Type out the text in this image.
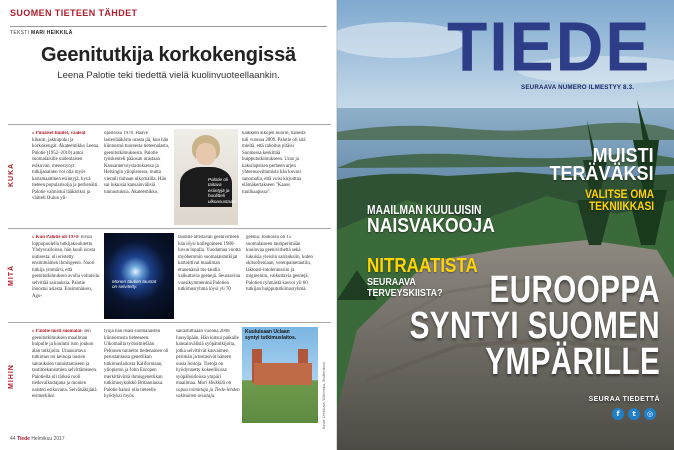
SUOMEN TIETEEN TÄHDET
TEKSTI MARI HEIKKILÄ
Geenitutkija korkokengissä
Leena Palotie teki tiedettä vielä kuolinvuoteellaankin.
KUKA
» Punaiset huulet, vaaleat kiharat, jakkupuku ja korkokengät. Akateemikko Leena Palotie (1952–2010) antoi suomalaisille uudenlaisen esikuvan: menestynyt tutkijanainen voi olla myös karismaattinen esiintyjä, hyvä tieteen popularisoija ja perhenäiti. Palotie valmistui lääkäriksi ja väitteli Oulun yli-
opistossa 1978. Haave lastenlääkärin urasta jäi, kun hän kiinnostui tuoreesta tieteenalasta, geenitutkimuksesta. Palotie työskenteli pääosan urastaan Kansanterveyslaitoksessa ja Helsingin yliopistossa, mutta vieraili tiuhaan ulkomailla. Hän sai lukuisia kansainvälisiä tunnustuksia. Akateemikko,
Palotie oli taitava esiintyjä ja huolitteli ulkoasustaan.
kaikkien aikojen nuorin, hänestä tuli vuonna 2009. Palotie oli sitä mieltä, että rahoitus pitäisi Suomessa keskittää huippututkimukseen. Uran ja kaksilapsisen perheen arjen yhteensovittamista hän kuvasi sanomalla, että voisi kirjoittaa elämäkertakseen "Kaaos tuulikaapissa".
MITÄ
» Kun Palotie oli 1970- luvun loppupuolella tutkijakoulutettu Yhdysvalloissa, hän kuuli isosta uutisesta: oli eristetty ensimmäinen ihmisgeeni. Nuori tutkija ymmärsi, että geenitutkimuksen avulla voitaisiin selvittää sairauksia. Palotie innostui asiasta. Ensimmäisen, Agu-
Monen tautien taustat on selvitetty.
taudille altistavan geenivirheen hän löysi kollegoineen 1980-luvun lopulla. Vuodamaa vuotta myöhemmin suomalaistutkijat kartoittivat maailman etunenässä ms-taudin vaikuttavia geenejä. Seuraavina vuosikymmeninä Palotien tutkimusryhmä löysi yli 70
geeniä. Joukossa oli 15 suomalaiseen tautiperimään kuuluvaa geenivirhettä sekä lukuisia yleisiin sairauksiin, kuten skitsofreniaan, verenpainetautiin, laktoosi-intoleranssiin ja migreeniin, vaikuttavia geenejä. Palotien ryhmästä kasvoi yli 60 tutkijan huippututkimusryhmä.
MIHIN
» Palotie nosti suomalai- sen geenitutkimuksen maailman huipulle ja koulutti ison joukon alan tutkijoita. Uraauurtava tutkimus toi keinoja uusien sairauksien tunnistamiseen ja tautimekanismien selvittämiseen. Palotiella oli tärkeä rooli tiedevaikuttajana ja monien naisten esikuvana. Selvänäkijänä esimerkiksi
työjä hän lisäsi suomalaisten kiinnostusta tieteeseen. Ulkomailla työtoimielään Peltonen tunnettu tiedenainen oli perustamassa genetiikan tutkimuslaitosta Kaliforniaan, yliopiston ja John Europen merkittävintä ihmisgenetiikan tutkimusyksikkö Britanniassa. Palotie halusi olla tieteelle hyödyksi myös
sairastuttuaan vuonna 2008 luusyöpään. Hän kutsui paikalle kansainvälisiä syöpätutkijoita, jotka selvittivät kasvaimen perimän ja testasivat häneen uusia hoitoja. Tietoja on hyödynnetty kokeellisissa syöpähoidoissa ympäri maailmaa. Mari Heikkilä on vapaa toimittaja ja Tiede-lehden vakituinen avustaja.
Kuuluisaan Uclaan syntyi tutkimuslaitos.
Kuvat: Lehtikuva, Wikimedia, Shutterstock
44 Tiede Helmikuu 2017
TIEDE
SEURAAVA NUMERO ILMESTYY 8.3.
MUISTI
TERÄVÄKSI
VALITSE OMA
TEKNIIKKASI
MAAILMAN KUULUISIN
NAISVAKOOJA
NITRAATISTA
SEURAAVA
TERVEYSKIISTA?	EUROOPPA
SYNTYI SUOMEN
YMPÄRILLE
SEURAA TIEDETTÄ
f	t	◎
